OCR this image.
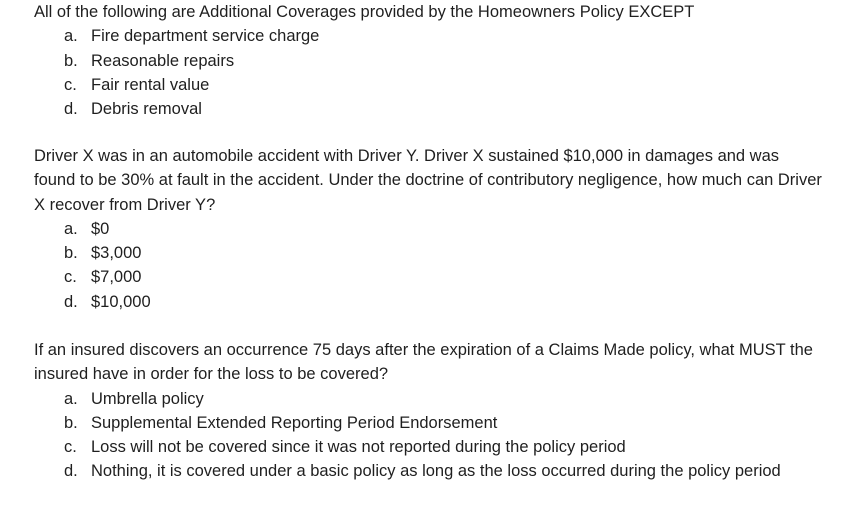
All of the following are Additional Coverages provided by the Homeowners Policy EXCEPT

a. Fire department service charge
b. Reasonable repairs
c. Fair rental value
d. Debris removal

Driver X was in an automobile accident with Driver Y. Driver X sustained $10,000 in damages and was found to be 30% at fault in the accident. Under the doctrine of contributory negligence, how much can Driver X recover from Driver Y?

a. $0
b. $3,000
c. $7,000
d. $10,000

If an insured discovers an occurrence 75 days after the expiration of a Claims Made policy, what MUST the insured have in order for the loss to be covered?

a. Umbrella policy
b. Supplemental Extended Reporting Period Endorsement
c. Loss will not be covered since it was not reported during the policy period
d. Nothing, it is covered under a basic policy as long as the loss occurred during the policy period
